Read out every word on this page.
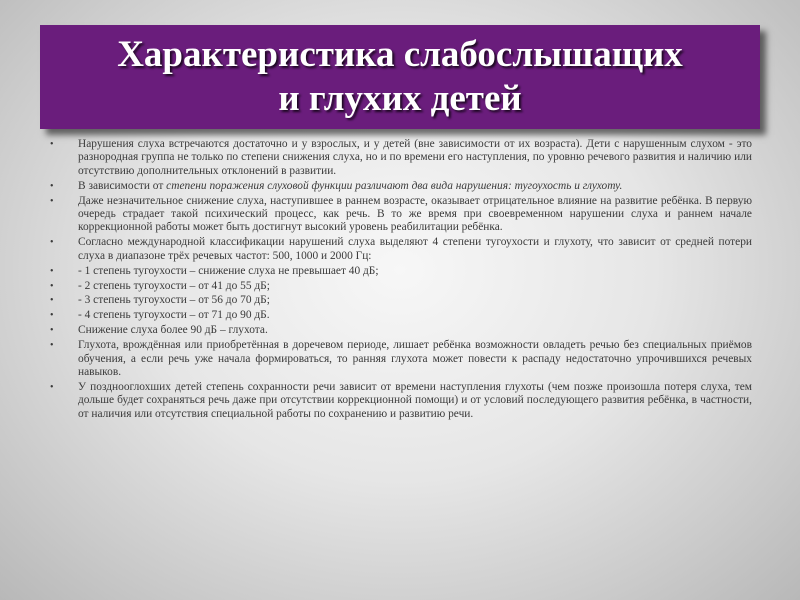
Характеристика слабослышащих
и глухих детей
• Нарушения слуха встречаются достаточно и у взрослых, и у детей (вне зависимости от их возраста). Дети с нарушенным слухом - это разнородная группа не только по степени снижения слуха, но и по времени его наступления, по уровню речевого развития и наличию или отсутствию дополнительных отклонений в развитии.
• В зависимости от степени поражения слуховой функции различают два вида нарушения: тугоухость и глухоту.
• Даже незначительное снижение слуха, наступившее в раннем возрасте, оказывает отрицательное влияние на развитие ребёнка. В первую очередь страдает такой психический процесс, как речь. В то же время при своевременном нарушении слуха и раннем начале коррекционной работы может быть достигнут высокий уровень реабилитации ребёнка.
• Согласно международной классификации нарушений слуха выделяют 4 степени тугоухости и глухоту, что зависит от средней потери слуха в диапазоне трёх речевых частот: 500, 1000 и 2000 Гц:
• - 1 степень тугоухости – снижение слуха не превышает 40 дБ;
• - 2 степень тугоухости – от 41 до 55 дБ;
• - 3 степень тугоухости – от 56 до 70 дБ;
• - 4 степень тугоухости – от 71 до 90 дБ.
• Снижение слуха более 90 дБ – глухота.
• Глухота, врождённая или приобретённая в доречевом периоде, лишает ребёнка возможности овладеть речью без специальных приёмов обучения, а если речь уже начала формироваться, то ранняя глухота может повести к распаду недостаточно упрочившихся речевых навыков.
• У позднооглохших детей степень сохранности речи зависит от времени наступления глухоты (чем позже произошла потеря слуха, тем дольше будет сохраняться речь даже при отсутствии коррекционной помощи) и от условий последующего развития ребёнка, в частности, от наличия или отсутствия специальной работы по сохранению и развитию речи.
